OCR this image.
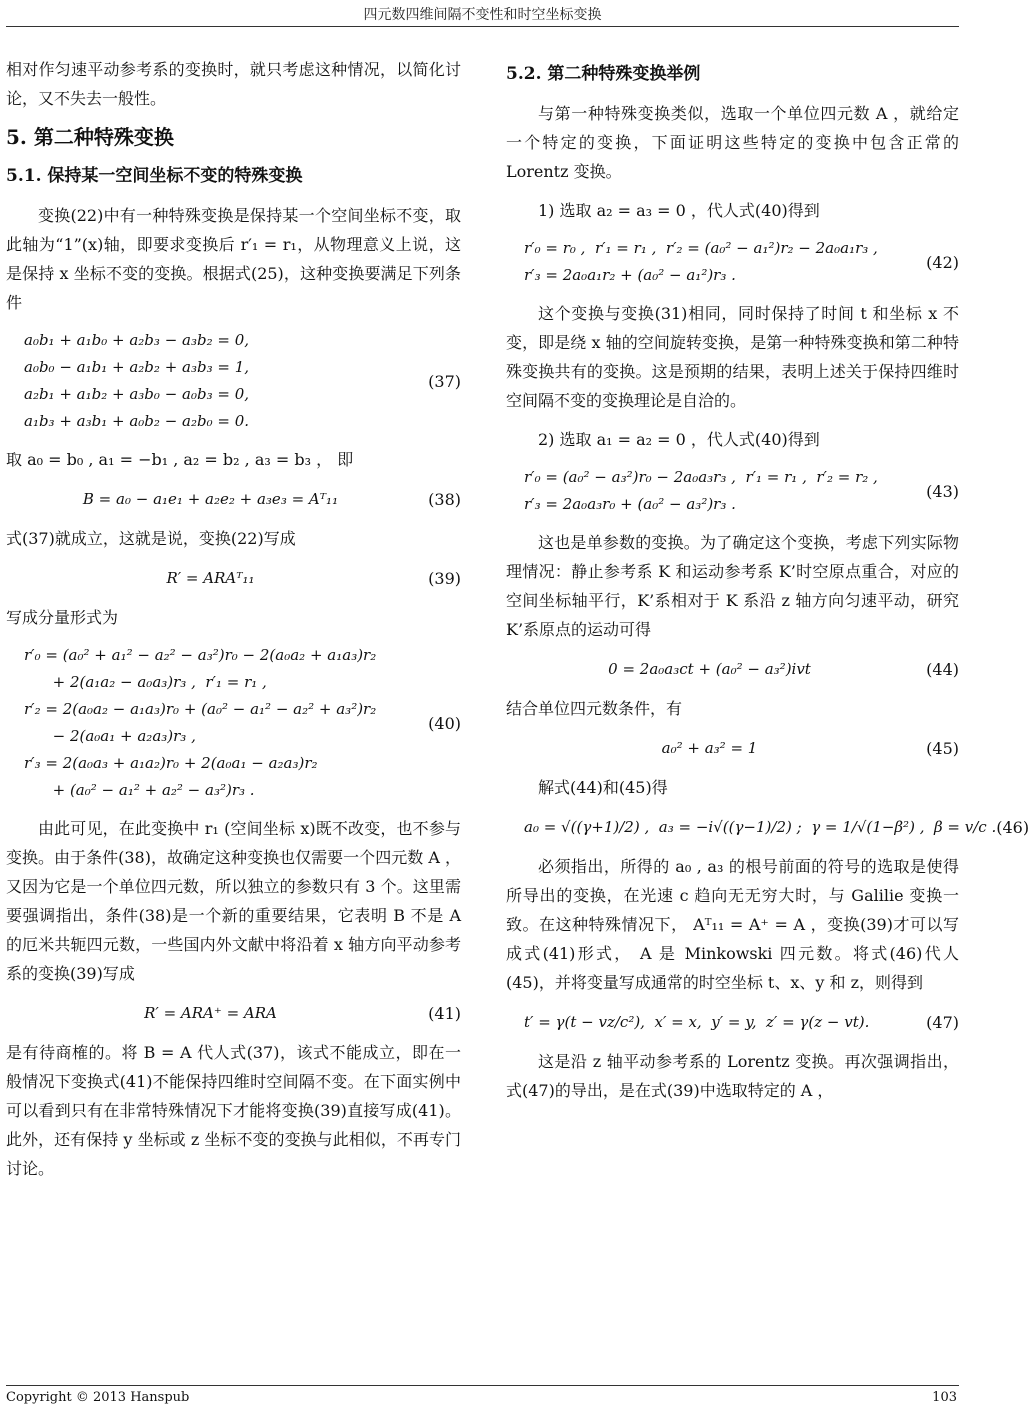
四元数四维间隔不变性和时空坐标变换

相对作匀速平动参考系的变换时，就只考虑这种情况，以简化讨论，又不失去一般性。

5. 第二种特殊变换
5.1. 保持某一空间坐标不变的特殊变换

变换(22)中有一种特殊变换是保持某一个空间坐标不变，取此轴为“1”(x)轴，即要求变换后 r′₁ = r₁，从物理意义上说，这是保持 x 坐标不变的变换。根据式(25)，这种变换要满足下列条件

a₀b₁ + a₁b₀ + a₂b₃ − a₃b₂ = 0,
a₀b₀ − a₁b₁ + a₂b₂ + a₃b₃ = 1,
a₂b₁ + a₁b₂ + a₃b₀ − a₀b₃ = 0,
a₁b₃ + a₃b₁ + a₀b₂ − a₂b₀ = 0.
(37)

取 a₀ = b₀ , a₁ = −b₁ , a₂ = b₂ , a₃ = b₃ ， 即

B = a₀ − a₁e₁ + a₂e₂ + a₃e₃ = Aᵀ₁₁	(38)

式(37)就成立，这就是说，变换(22)写成

R′ = ARAᵀ₁₁	(39)

写成分量形式为

r′₀ = (a₀² + a₁² − a₂² − a₃²)r₀ − 2(a₀a₂ + a₁a₃)r₂
+ 2(a₁a₂ − a₀a₃)r₃ ,  r′₁ = r₁ ,
r′₂ = 2(a₀a₂ − a₁a₃)r₀ + (a₀² − a₁² − a₂² + a₃²)r₂
− 2(a₀a₁ + a₂a₃)r₃ ,
r′₃ = 2(a₀a₃ + a₁a₂)r₀ + 2(a₀a₁ − a₂a₃)r₂
+ (a₀² − a₁² + a₂² − a₃²)r₃ .
(40)

由此可见，在此变换中 r₁ (空间坐标 x)既不改变，也不参与变换。由于条件(38)，故确定这种变换也仅需要一个四元数 A ，又因为它是一个单位四元数，所以独立的参数只有 3 个。这里需要强调指出，条件(38)是一个新的重要结果，它表明 B 不是 A 的厄米共轭四元数，一些国内外文献中将沿着 x 轴方向平动参考系的变换(39)写成

R′ = ARA⁺ = ARA	(41)

是有待商榷的。将 B = A 代人式(37)，该式不能成立，即在一般情况下变换式(41)不能保持四维时空间隔不变。在下面实例中可以看到只有在非常特殊情况下才能将变换(39)直接写成(41)。此外，还有保持 y 坐标或 z 坐标不变的变换与此相似，不再专门讨论。

5.2. 第二种特殊变换举例

与第一种特殊变换类似，选取一个单位四元数 A ，就给定一个特定的变换，下面证明这些特定的变换中包含正常的 Lorentz 变换。

1) 选取 a₂ = a₃ = 0 ，代人式(40)得到

r′₀ = r₀ ,  r′₁ = r₁ ,  r′₂ = (a₀² − a₁²)r₂ − 2a₀a₁r₃ ,
r′₃ = 2a₀a₁r₂ + (a₀² − a₁²)r₃ .
(42)

这个变换与变换(31)相同，同时保持了时间 t 和坐标 x 不变，即是绕 x 轴的空间旋转变换，是第一种特殊变换和第二种特殊变换共有的变换。这是预期的结果，表明上述关于保持四维时空间隔不变的变换理论是自洽的。

2) 选取 a₁ = a₂ = 0 ，代人式(40)得到

r′₀ = (a₀² − a₃²)r₀ − 2a₀a₃r₃ ,  r′₁ = r₁ ,  r′₂ = r₂ ,
r′₃ = 2a₀a₃r₀ + (a₀² − a₃²)r₃ .
(43)

这也是单参数的变换。为了确定这个变换，考虑下列实际物理情况：静止参考系 K 和运动参考系 K’时空原点重合，对应的空间坐标轴平行，K’系相对于 K 系沿 z 轴方向匀速平动，研究 K’系原点的运动可得

0 = 2a₀a₃ct + (a₀² − a₃²)ivt	(44)

结合单位四元数条件，有

a₀² + a₃² = 1	(45)

解式(44)和(45)得

a₀ = √((γ+1)/2) ,  a₃ = −i√((γ−1)/2) ;  γ = 1/√(1−β²) ,  β = v/c . (46)

必须指出，所得的 a₀ , a₃ 的根号前面的符号的选取是使得所导出的变换，在光速 c 趋向无无穷大时，与 Galilie 变换一致。在这种特殊情况下， Aᵀ₁₁ = A⁺ = A ，变换(39)才可以写成式(41)形式， A 是 Minkowski 四元数。将式(46)代人(45)，并将变量写成通常的时空坐标 t、x、y 和 z，则得到

t′ = γ(t − vz/c²),  x′ = x,  y′ = y,  z′ = γ(z − vt).	(47)

这是沿 z 轴平动参考系的 Lorentz 变换。再次强调指出，式(47)的导出，是在式(39)中选取特定的 A ，

Copyright © 2013 Hanspub	103
